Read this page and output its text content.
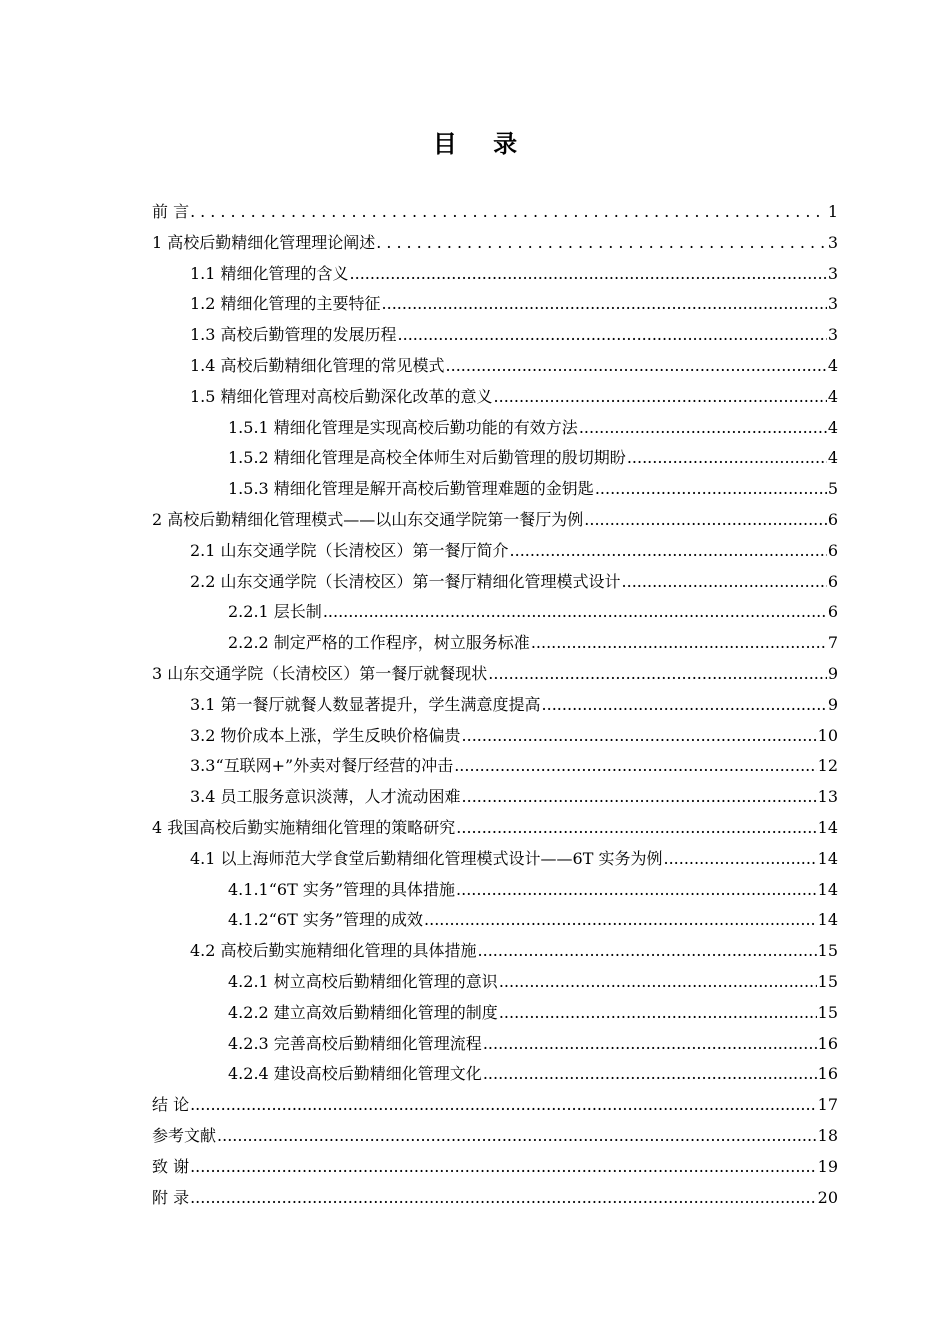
目 录
前 言 .....	1
1 高校后勤精细化管理理论阐述 .....	3
1.1 精细化管理的含义 .....	3
1.2 精细化管理的主要特征 .....	3
1.3 高校后勤管理的发展历程 .....	3
1.4 高校后勤精细化管理的常见模式 .....	4
1.5 精细化管理对高校后勤深化改革的意义 .....	4
1.5.1 精细化管理是实现高校后勤功能的有效方法 .....	4
1.5.2 精细化管理是高校全体师生对后勤管理的殷切期盼 .....	4
1.5.3 精细化管理是解开高校后勤管理难题的金钥匙 .....	5
2 高校后勤精细化管理模式——以山东交通学院第一餐厅为例 .....	6
2.1 山东交通学院（长清校区）第一餐厅简介 .....	6
2.2 山东交通学院（长清校区）第一餐厅精细化管理模式设计 .....	6
2.2.1 层长制 .....	6
2.2.2 制定严格的工作程序，树立服务标准 .....	7
3 山东交通学院（长清校区）第一餐厅就餐现状 .....	9
3.1 第一餐厅就餐人数显著提升，学生满意度提高 .....	9
3.2 物价成本上涨，学生反映价格偏贵 .....	10
3.3“互联网+”外卖对餐厅经营的冲击 .....	12
3.4 员工服务意识淡薄，人才流动困难 .....	13
4 我国高校后勤实施精细化管理的策略研究 .....	14
4.1 以上海师范大学食堂后勤精细化管理模式设计——6T 实务为例 .....	14
4.1.1“6T 实务”管理的具体措施 .....	14
4.1.2“6T 实务”管理的成效 .....	14
4.2 高校后勤实施精细化管理的具体措施 .....	15
4.2.1 树立高校后勤精细化管理的意识 .....	15
4.2.2 建立高效后勤精细化管理的制度 .....	15
4.2.3 完善高校后勤精细化管理流程 .....	16
4.2.4 建设高校后勤精细化管理文化 .....	16
结 论 .....	17
参考文献 .....	18
致 谢 .....	19
附 录 .....	20
